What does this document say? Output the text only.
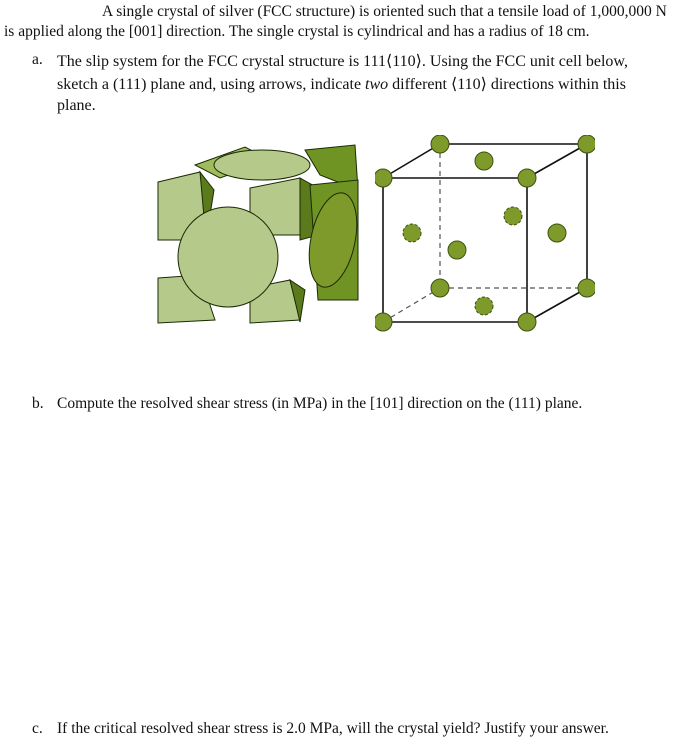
A single crystal of silver (FCC structure) is oriented such that a tensile load of 1,000,000 N
is applied along the [001] direction. The single crystal is cylindrical and has a radius of 18 cm.
a. The slip system for the FCC crystal structure is 111⟨110⟩. Using the FCC unit cell below,
sketch a (111) plane and, using arrows, indicate two different ⟨110⟩ directions within this
plane.
b. Compute the resolved shear stress (in MPa) in the [101] direction on the (111) plane.
c. If the critical resolved shear stress is 2.0 MPa, will the crystal yield? Justify your answer.
